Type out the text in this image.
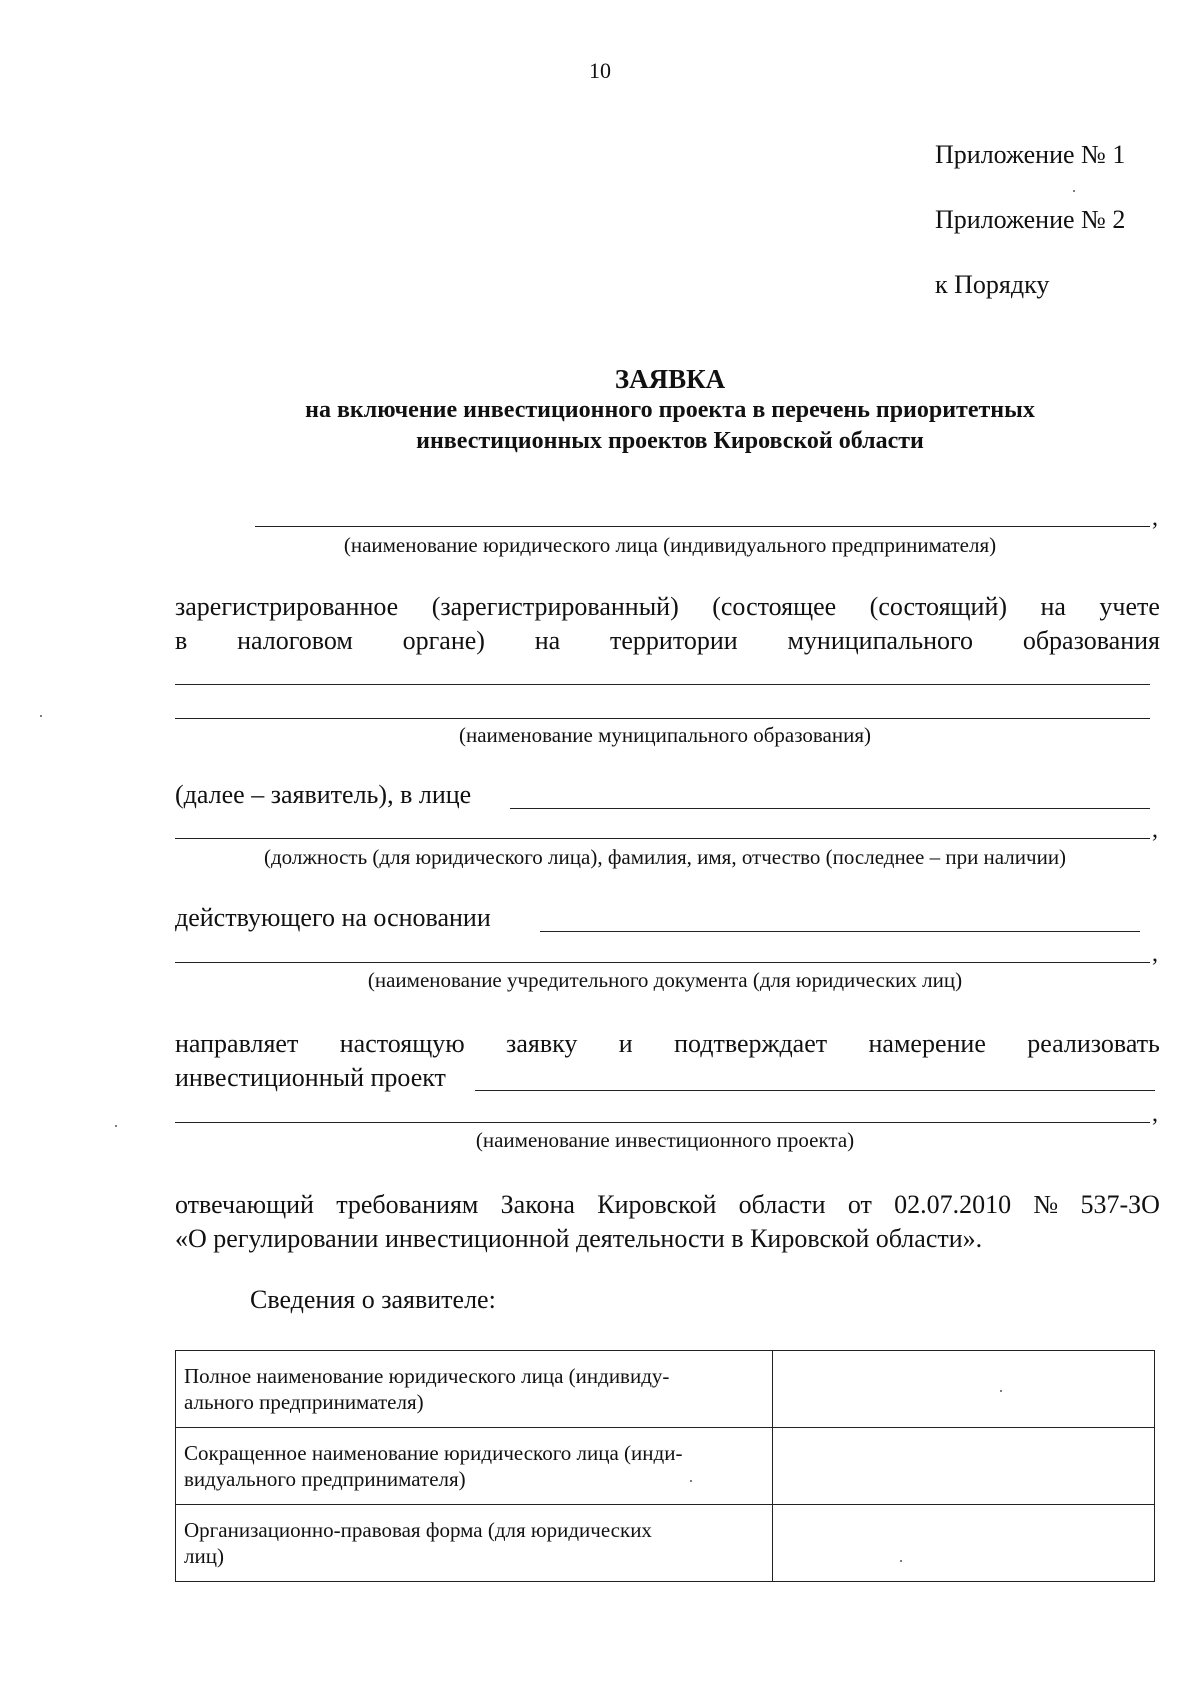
10
Приложение № 1
Приложение № 2
к Порядку
ЗАЯВКА
на включение инвестиционного проекта в перечень приоритетных
инвестиционных проектов Кировской области
,
(наименование юридического лица (индивидуального предпринимателя)
зарегистрированное (зарегистрированный) (состоящее (состоящий) на учете
в налоговом органе) на территории муниципального образования
(наименование муниципального образования)
(далее – заявитель), в лице
,
(должность (для юридического лица), фамилия, имя, отчество (последнее – при наличии)
действующего на основании
,
(наименование учредительного документа (для юридических лиц)
направляет настоящую заявку и подтверждает намерение реализовать
инвестиционный проект
,
(наименование инвестиционного проекта)
отвечающий требованиям Закона Кировской области от 02.07.2010 № 537-ЗО
«О регулировании инвестиционной деятельности в Кировской области».
Сведения о заявителе:
Полное наименование юридического лица (индивиду-
ального предпринимателя)	

Сокращенное наименование юридического лица (инди-
видуального предпринимателя)	

Организационно-правовая форма (для юридических
лиц)	
